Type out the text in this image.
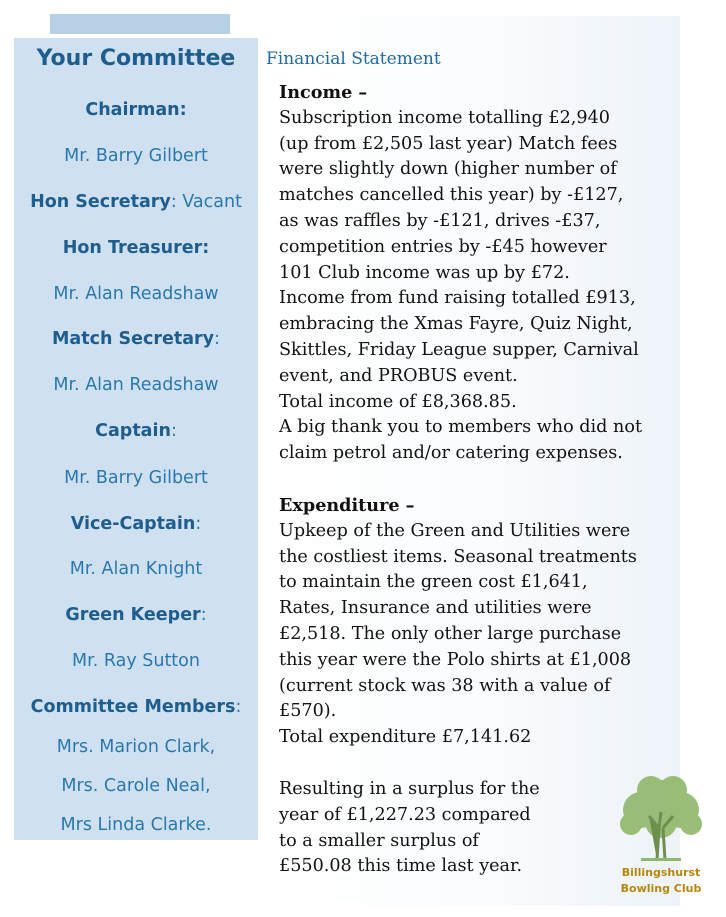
Your Committee
Chairman:
Mr. Barry Gilbert
Hon Secretary: Vacant
Hon Treasurer:
Mr. Alan Readshaw
Match Secretary:
Mr. Alan Readshaw
Captain:
Mr. Barry Gilbert
Vice-Captain:
Mr. Alan Knight
Green Keeper:
Mr. Ray Sutton
Committee Members:
Mrs. Marion Clark,
Mrs. Carole Neal,
Mrs Linda Clarke.
Financial Statement
Income –
Subscription income totalling £2,940
(up from £2,505 last year) Match fees
were slightly down (higher number of
matches cancelled this year) by -£127,
as was raffles by -£121, drives -£37,
competition entries by -£45 however
101 Club income was up by £72.
Income from fund raising totalled £913,
embracing the Xmas Fayre, Quiz Night,
Skittles, Friday League supper, Carnival
event, and PROBUS event.
Total income of £8,368.85.
A big thank you to members who did not
claim petrol and/or catering expenses.
Expenditure –
Upkeep of the Green and Utilities were
the costliest items. Seasonal treatments
to maintain the green cost £1,641,
Rates, Insurance and utilities were
£2,518. The only other large purchase
this year were the Polo shirts at £1,008
(current stock was 38 with a value of
£570).
Total expenditure £7,141.62
Resulting in a surplus for the
year of £1,227.23 compared
to a smaller surplus of
£550.08 this time last year.	Billingshurst
Bowling Club
